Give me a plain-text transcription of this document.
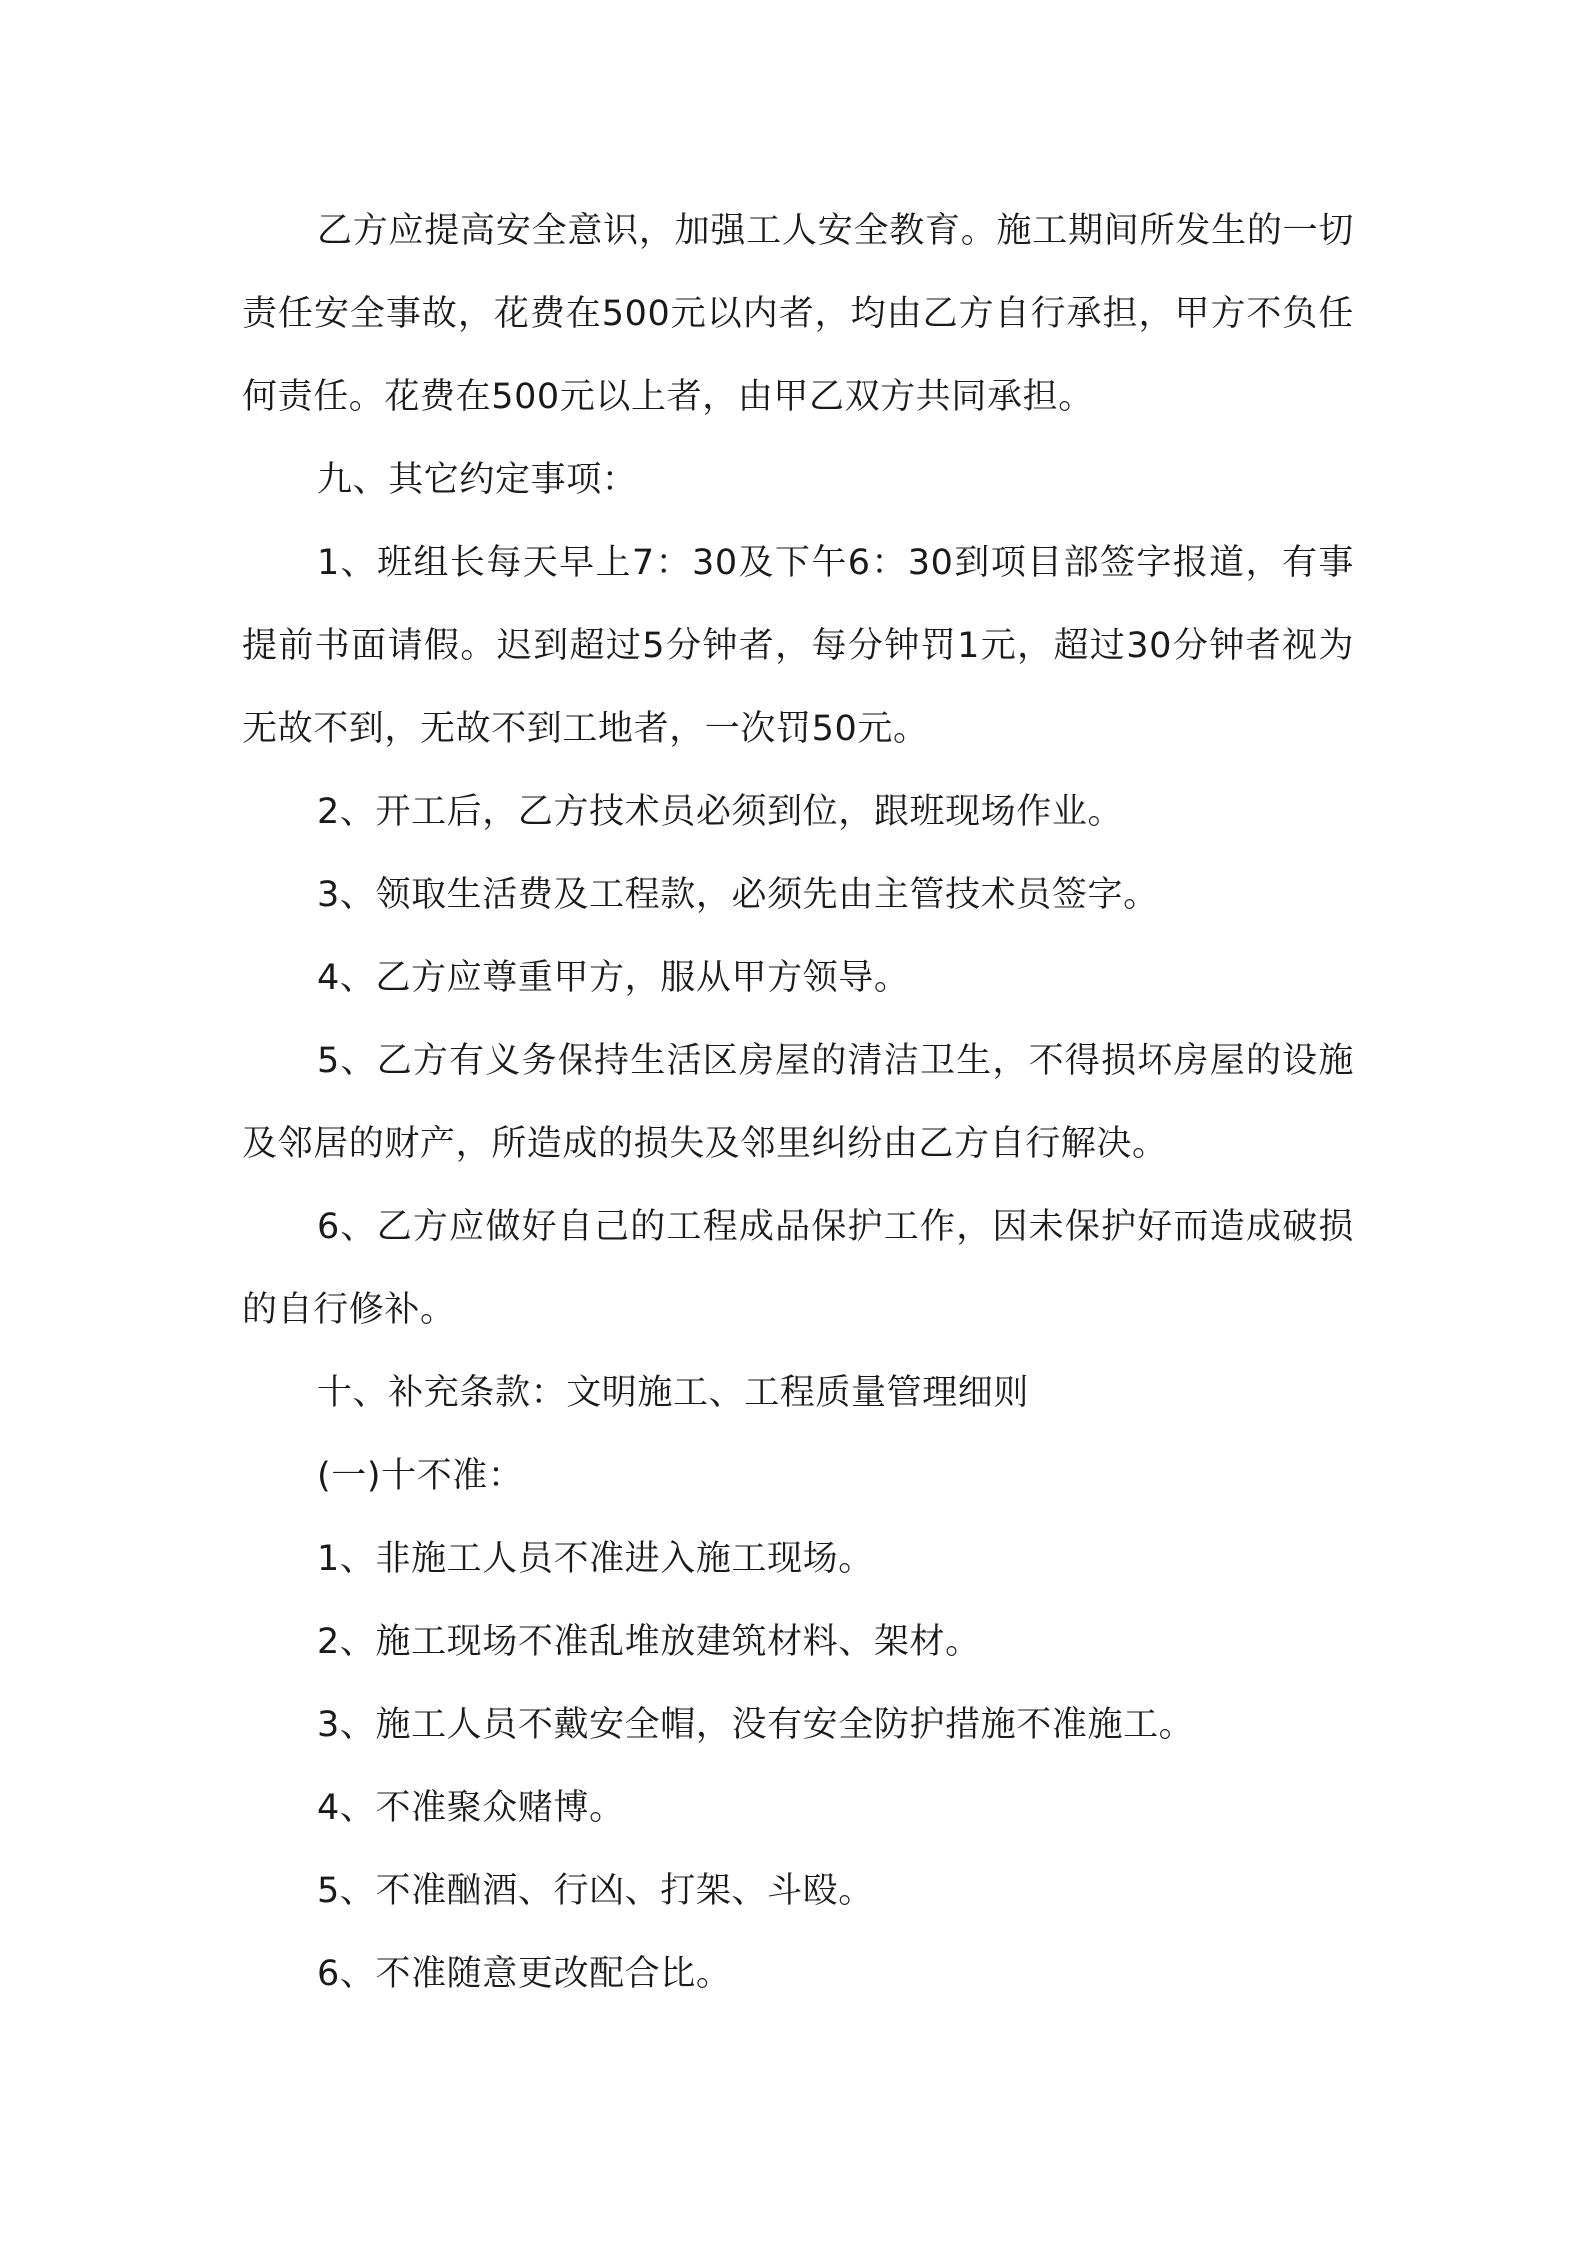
乙方应提高安全意识，加强工人安全教育。施工期间所发生的一切责任安全事故，花费在500元以内者，均由乙方自行承担，甲方不负任何责任。花费在500元以上者，由甲乙双方共同承担。

九、其它约定事项：

1、班组长每天早上7：30及下午6：30到项目部签字报道，有事提前书面请假。迟到超过5分钟者，每分钟罚1元，超过30分钟者视为无故不到，无故不到工地者，一次罚50元。

2、开工后，乙方技术员必须到位，跟班现场作业。

3、领取生活费及工程款，必须先由主管技术员签字。

4、乙方应尊重甲方，服从甲方领导。

5、乙方有义务保持生活区房屋的清洁卫生，不得损坏房屋的设施及邻居的财产，所造成的损失及邻里纠纷由乙方自行解决。

6、乙方应做好自己的工程成品保护工作，因未保护好而造成破损的自行修补。

十、补充条款：文明施工、工程质量管理细则

(一)十不准：

1、非施工人员不准进入施工现场。

2、施工现场不准乱堆放建筑材料、架材。

3、施工人员不戴安全帽，没有安全防护措施不准施工。

4、不准聚众赌博。

5、不准酗酒、行凶、打架、斗殴。

6、不准随意更改配合比。
